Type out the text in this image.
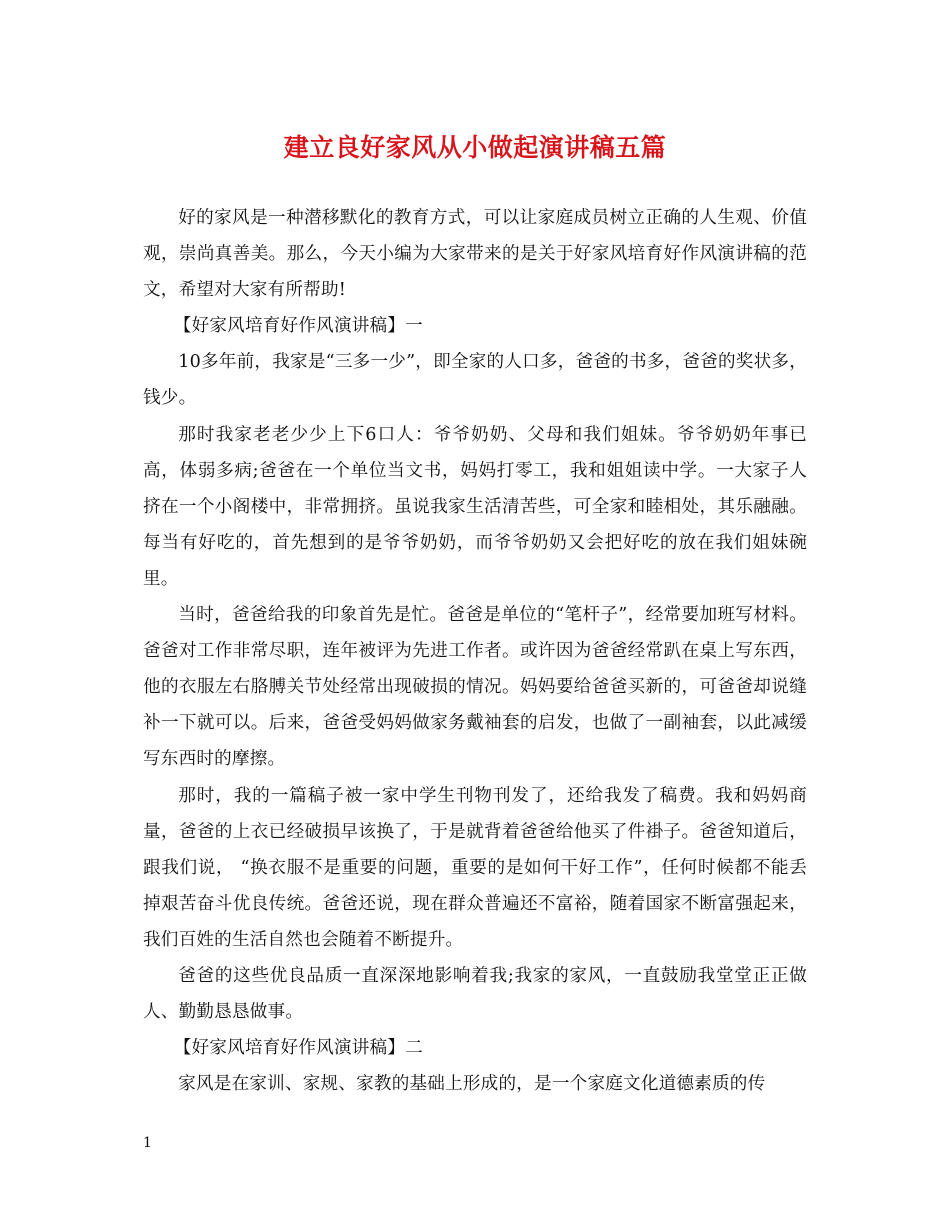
建立良好家风从小做起演讲稿五篇

好的家风是一种潜移默化的教育方式，可以让家庭成员树立正确的人生观、价值观，崇尚真善美。那么，今天小编为大家带来的是关于好家风培育好作风演讲稿的范文，希望对大家有所帮助!

【好家风培育好作风演讲稿】一

10多年前，我家是“三多一少”，即全家的人口多，爸爸的书多，爸爸的奖状多，钱少。

那时我家老老少少上下6口人：爷爷奶奶、父母和我们姐妹。爷爷奶奶年事已高，体弱多病;爸爸在一个单位当文书，妈妈打零工，我和姐姐读中学。一大家子人挤在一个小阁楼中，非常拥挤。虽说我家生活清苦些，可全家和睦相处，其乐融融。每当有好吃的，首先想到的是爷爷奶奶，而爷爷奶奶又会把好吃的放在我们姐妹碗里。

当时，爸爸给我的印象首先是忙。爸爸是单位的“笔杆子”，经常要加班写材料。爸爸对工作非常尽职，连年被评为先进工作者。或许因为爸爸经常趴在桌上写东西，他的衣服左右胳膊关节处经常出现破损的情况。妈妈要给爸爸买新的，可爸爸却说缝补一下就可以。后来，爸爸受妈妈做家务戴袖套的启发，也做了一副袖套，以此减缓写东西时的摩擦。

那时，我的一篇稿子被一家中学生刊物刊发了，还给我发了稿费。我和妈妈商量，爸爸的上衣已经破损早该换了，于是就背着爸爸给他买了件褂子。爸爸知道后，跟我们说， “换衣服不是重要的问题，重要的是如何干好工作”，任何时候都不能丢掉艰苦奋斗优良传统。爸爸还说，现在群众普遍还不富裕，随着国家不断富强起来，我们百姓的生活自然也会随着不断提升。

爸爸的这些优良品质一直深深地影响着我;我家的家风，一直鼓励我堂堂正正做人、勤勤恳恳做事。

【好家风培育好作风演讲稿】二

家风是在家训、家规、家教的基础上形成的，是一个家庭文化道德素质的传

1
